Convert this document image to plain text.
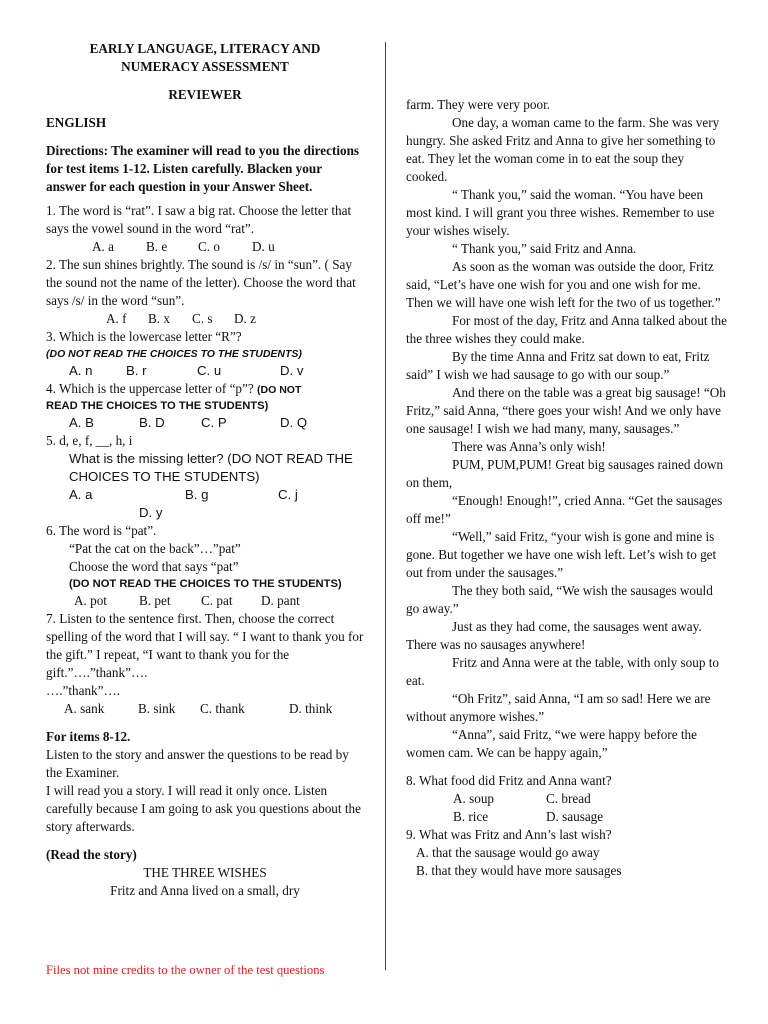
EARLY LANGUAGE, LITERACY AND
NUMERACY ASSESSMENT
REVIEWER

ENGLISH

Directions: The examiner will read to you the directions for test items 1-12. Listen carefully. Blacken your answer for each question in your Answer Sheet.

1. The word is “rat”. I saw a big rat. Choose the letter that says the vowel sound in the word “rat”.

A. a	B. e	C. o	D. u

2. The sun shines brightly. The sound is /s/ in “sun”. ( Say the sound not the name of the letter). Choose the word that says /s/ in the word “sun”.

A. f	B. x	C. s	D. z

3. Which is the lowercase letter “R”?

(DO NOT READ THE CHOICES TO THE STUDENTS)
A. n	B. r	C. u	D. v

4. Which is the uppercase letter of “p”? (DO NOT

READ THE CHOICES TO THE STUDENTS)
A. B	B. D	C. P	D. Q

5. d, e, f, __, h, i

What is the missing letter? (DO NOT READ THE CHOICES TO THE STUDENTS)

A. a	B. g	C. j
D. y

6. The word is “pat”.

“Pat the cat on the back”…”pat”

Choose the word that says “pat”

(DO NOT READ THE CHOICES TO THE STUDENTS)
A. pot	B. pet	C. pat	D. pant

7. Listen to the sentence first. Then, choose the correct spelling of the word that I will say. “ I want to thank you for the gift.” I repeat, “I want to thank you for the gift.”….”thank”….

….”thank”….

A. sank	B. sink	C. thank	D. think

For items 8-12.

Listen to the story and answer the questions to be read by the Examiner.

I will read you a story. I will read it only once. Listen carefully because I am going to ask you questions about the story afterwards.

(Read the story)

THE THREE WISHES

Fritz and Anna lived on a small, dry

Files not mine credits to the owner of the test questions

farm. They were very poor.

One day, a woman came to the farm. She was very hungry. She asked Fritz and Anna to give her something to eat. They let the woman come in to eat the soup they cooked.

“ Thank you,” said the woman. “You have been most kind. I will grant you three wishes. Remember to use your wishes wisely.

“ Thank you,” said Fritz and Anna.

As soon as the woman was outside the door, Fritz said, “Let’s have one wish for you and one wish for me. Then we will have one wish left for the two of us together.”

For most of the day, Fritz and Anna talked about the the three wishes they could make.

By the time Anna and Fritz sat down to eat, Fritz said” I wish we had sausage to go with our soup.”

And there on the table was a great big sausage! “Oh Fritz,” said Anna, “there goes your wish! And we only have one sausage! I wish we had many, many, sausages.”

There was Anna’s only wish!

PUM, PUM,PUM! Great big sausages rained down on them,

“Enough! Enough!”, cried Anna. “Get the sausages off me!”

“Well,” said Fritz, “your wish is gone and mine is gone. But together we have one wish left. Let’s wish to get out from under the sausages.”

The they both said, “We wish the sausages would go away.”

Just as they had come, the sausages went away. There was no sausages anywhere!

Fritz and Anna were at the table, with only soup to eat.

“Oh Fritz”, said Anna, “I am so sad! Here we are without anymore wishes.”

“Anna”, said Fritz, “we were happy before the women cam. We can be happy again,”

8. What food did Fritz and Anna want?

A. soup	C. bread
B. rice	D. sausage

9. What was Fritz and Ann’s last wish?

A. that the sausage would go away

B. that they would have more sausages
